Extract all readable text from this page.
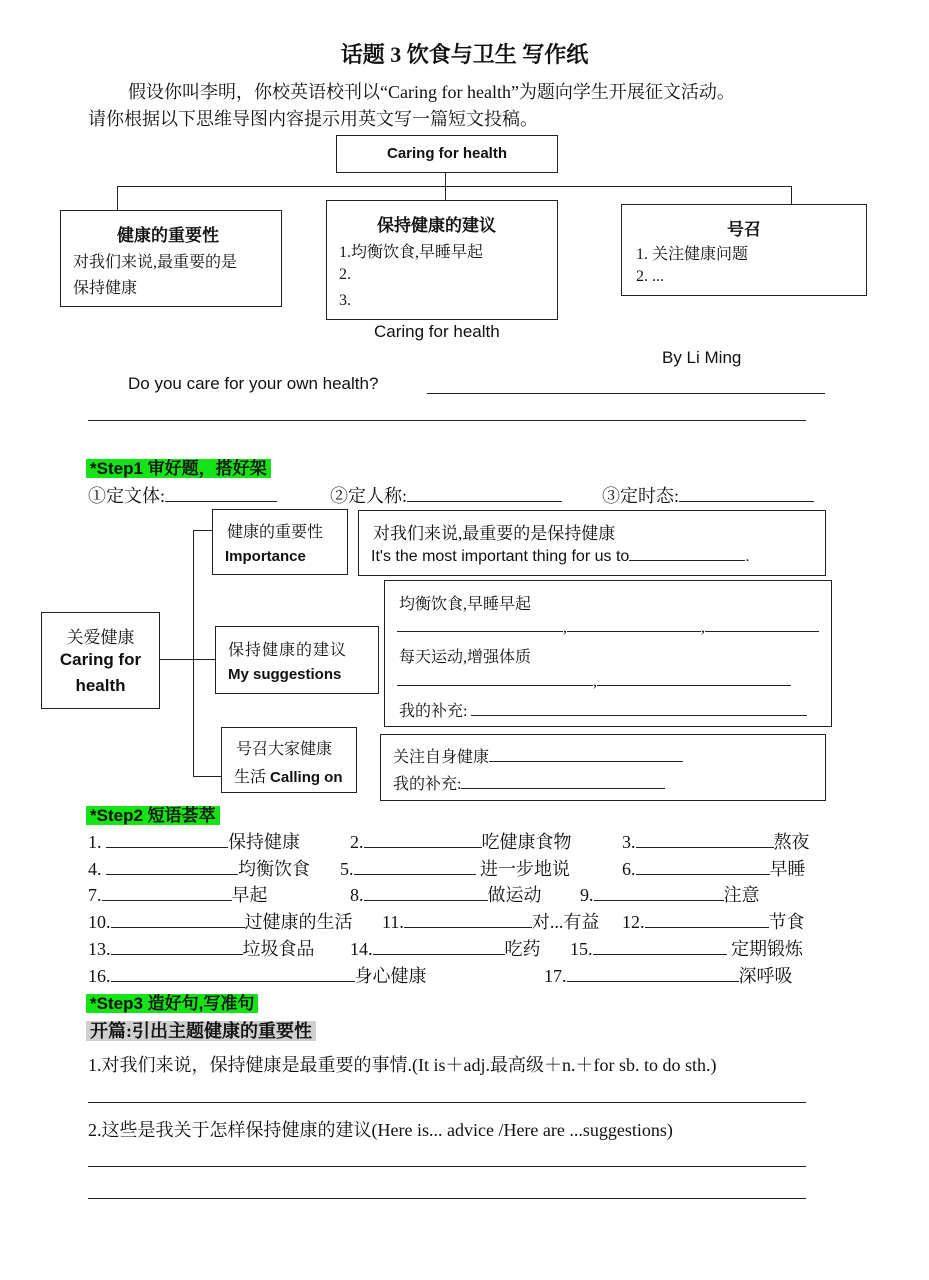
话题 3 饮食与卫生 写作纸
假设你叫李明，你校英语校刊以“Caring for health”为题向学生开展征文活动。
请你根据以下思维导图内容提示用英文写一篇短文投稿。
Caring for health
健康的重要性
对我们来说,最重要的是
保持健康
保持健康的建议
1.均衡饮食,早睡早起
2.
3.
号召
1. 关注健康问题
2. ...
Caring for health
By Li Ming
Do you care for your own health?
*Step1 审好题，搭好架
①定文体:	②定人称:	③定时态:
关爱健康
Caring for
health
健康的重要性
Importance
对我们来说,最重要的是保持健康
It's the most important thing for us to	.
保持健康的建议
My suggestions
均衡饮食,早睡早起
,	,
每天运动,增强体质
,
我的补充:
号召大家健康
生活 Calling on
关注自身健康
我的补充:
*Step2 短语荟萃
1.	保持健康	2.	吃健康食物	3.	熬夜
4.	均衡饮食 5.	进一步地说	6.	早睡
7.	早起	8.	做运动 9.	注意
10.	过健康的生活 11.	对...有益 12.	节食
13.	垃圾食品 14.	吃药 15.	定期锻炼
16.	身心健康	17.	深呼吸
*Step3 造好句,写准句
开篇:引出主题健康的重要性
1.对我们来说，保持健康是最重要的事情.(It is＋adj.最高级＋n.＋for sb. to do sth.)
2.这些是我关于怎样保持健康的建议(Here is... advice /Here are ...suggestions)
